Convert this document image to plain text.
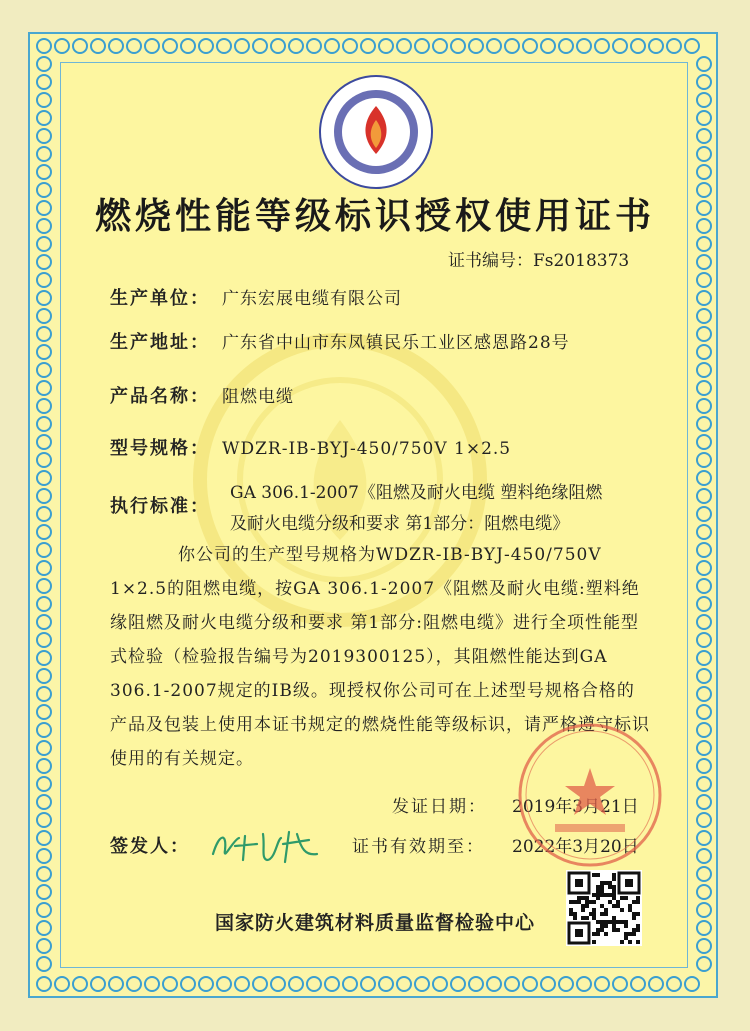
燃烧性能等级标识授权使用证书
证书编号：Fs2018373
生产单位： 广东宏展电缆有限公司
生产地址： 广东省中山市东凤镇民乐工业区感恩路28号
产品名称： 阻燃电缆
型号规格： WDZR-ⅠB-BYJ-450/750V 1×2.5
执行标准：
GA 306.1-2007《阻燃及耐火电缆 塑料绝缘阻燃
及耐火电缆分级和要求 第1部分：阻燃电缆》
你公司的生产型号规格为WDZR-ⅠB-BYJ-450/750V 1×2.5的阻燃电缆，按GA 306.1-2007《阻燃及耐火电缆:塑料绝缘阻燃及耐火电缆分级和要求 第1部分:阻燃电缆》进行全项性能型式检验（检验报告编号为2019300125），其阻燃性能达到GA 306.1-2007规定的ⅠB级。现授权你公司可在上述型号规格合格的产品及包装上使用本证书规定的燃烧性能等级标识，请严格遵守标识使用的有关规定。
发证日期： 2019年3月21日
签发人：	证书有效期至： 2022年3月20日
国家防火建筑材料质量监督检验中心
